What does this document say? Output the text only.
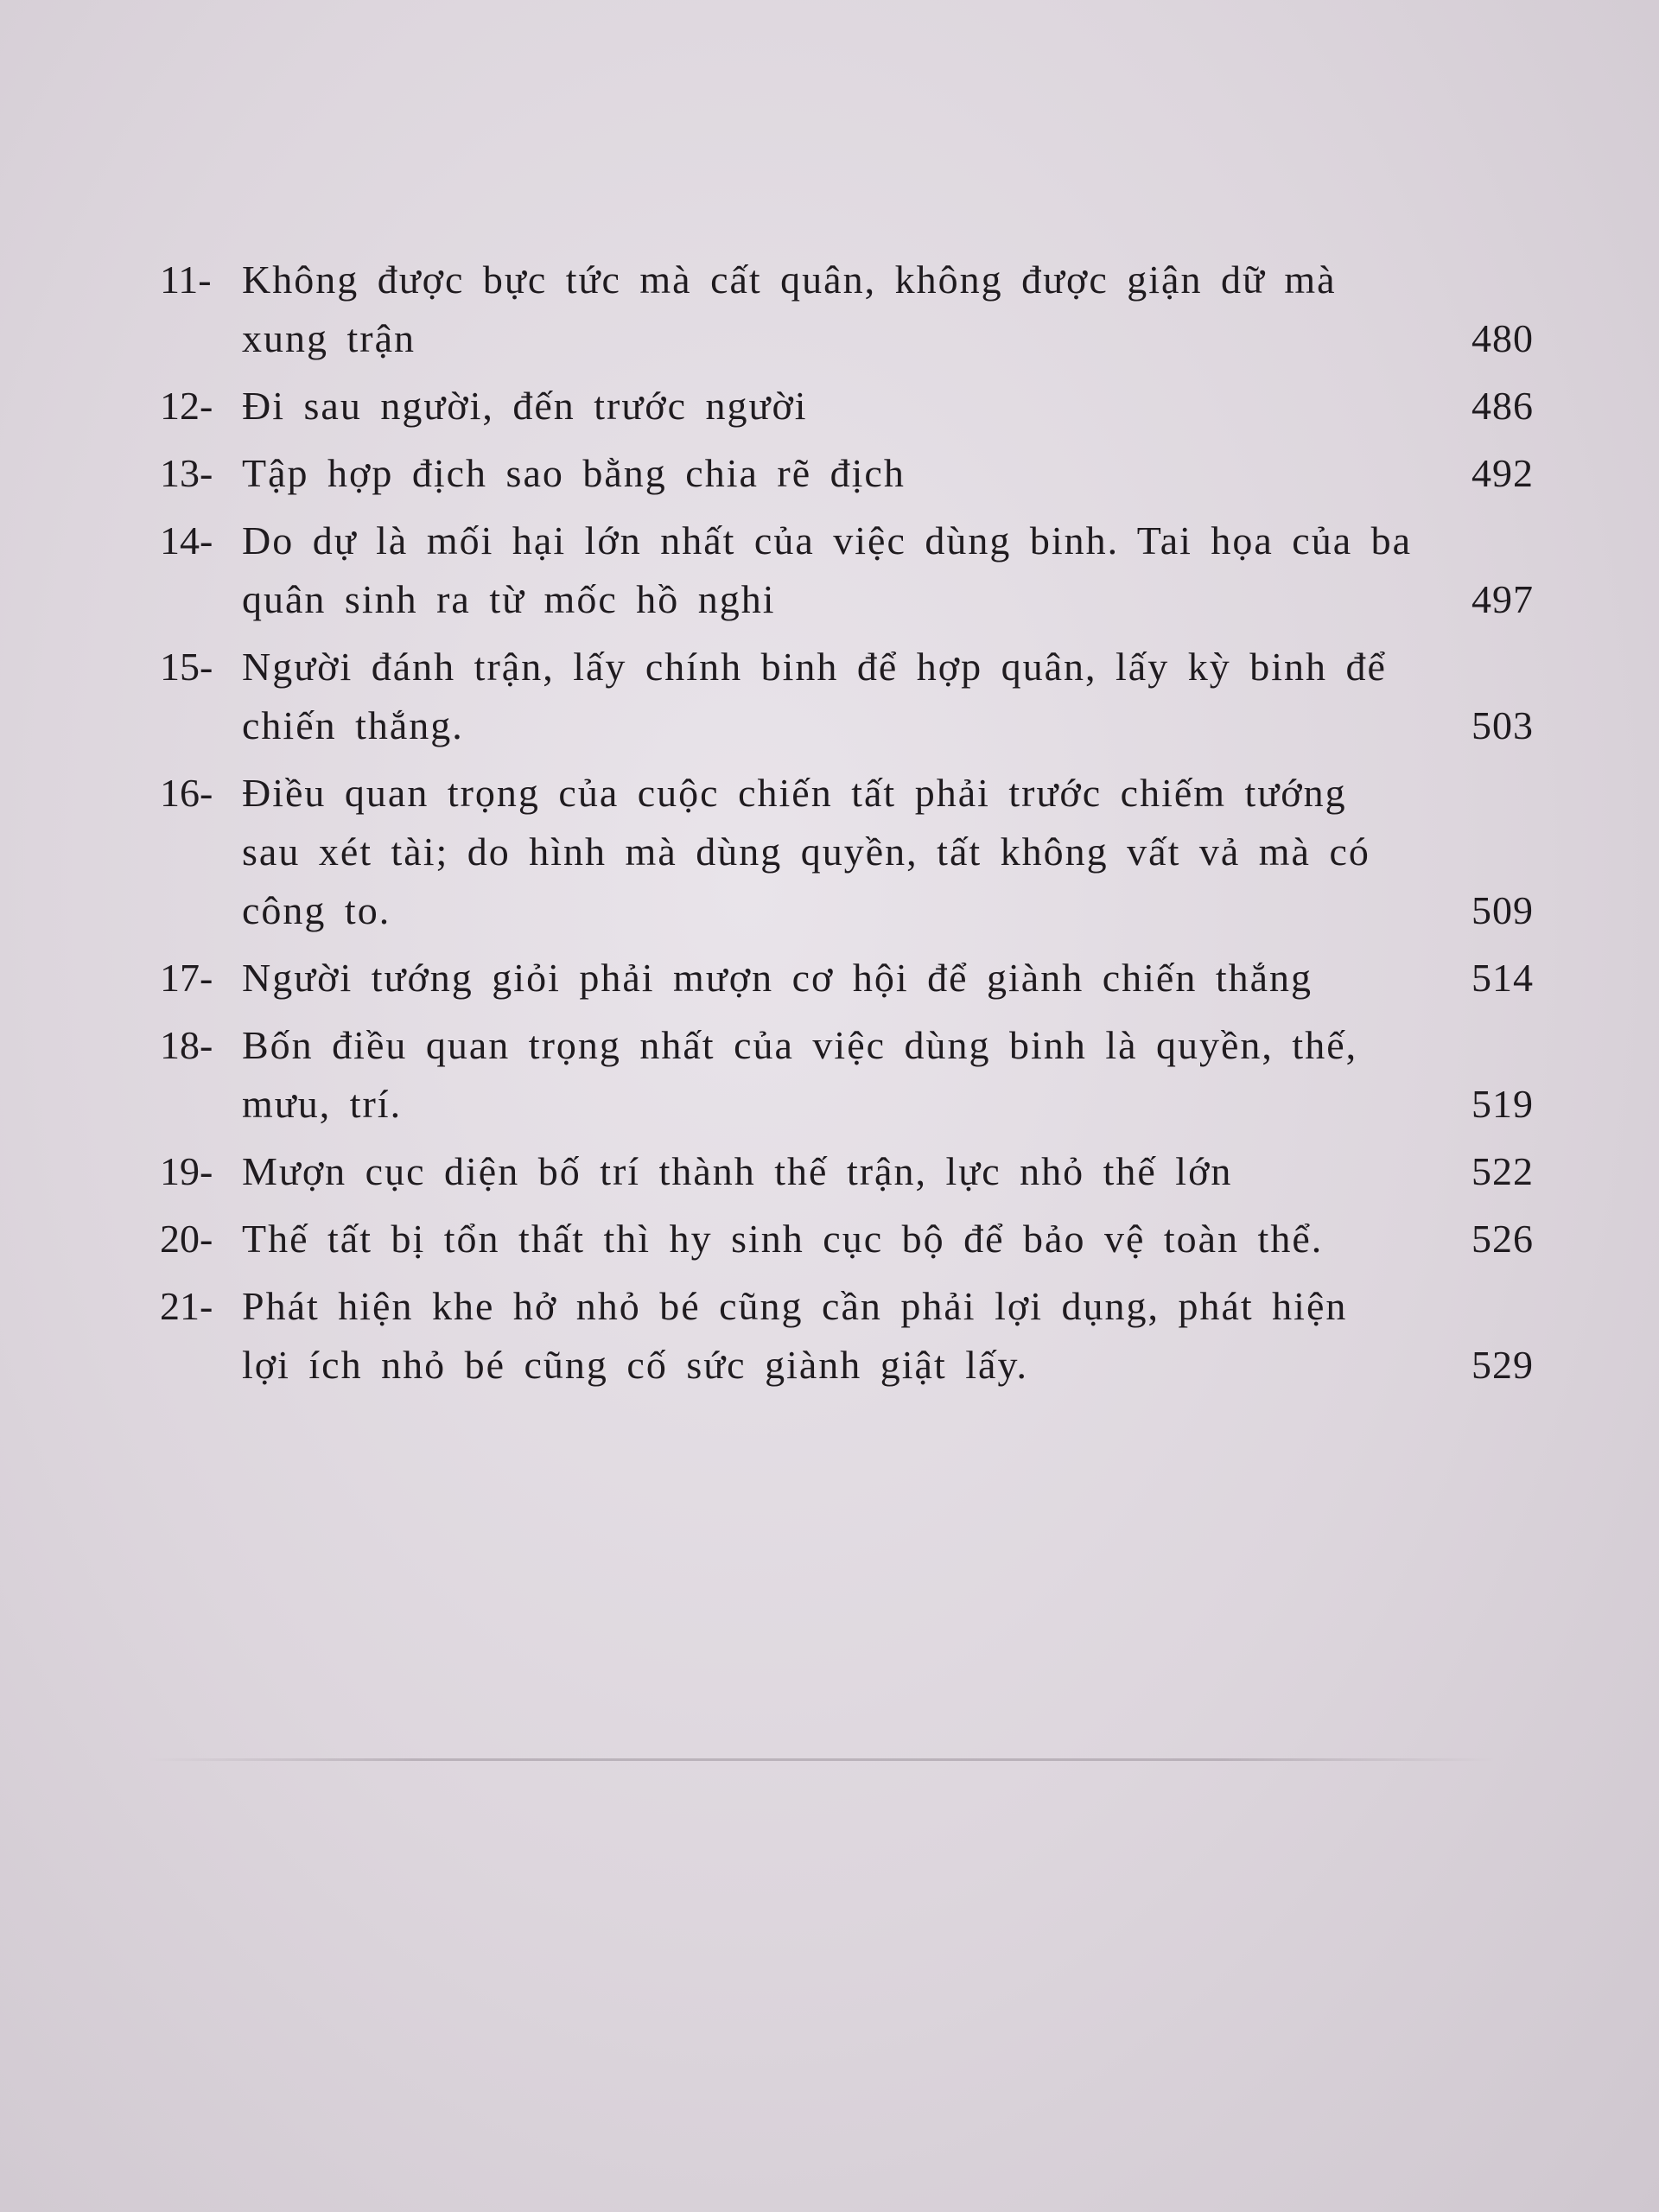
11- Không được bực tức mà cất quân, không được giận dữ mà xung trận	480
12- Đi sau người, đến trước người	486
13- Tập hợp địch sao bằng chia rẽ địch	492
14- Do dự là mối hại lớn nhất của việc dùng binh. Tai họa của ba quân sinh ra từ mốc hồ nghi	497
15- Người đánh trận, lấy chính binh để hợp quân, lấy kỳ binh để chiến thắng.	503
16- Điều quan trọng của cuộc chiến tất phải trước chiếm tướng sau xét tài; do hình mà dùng quyền, tất không vất vả mà có công to.	509
17- Người tướng giỏi phải mượn cơ hội để giành chiến thắng	514
18- Bốn điều quan trọng nhất của việc dùng binh là quyền, thế, mưu, trí.	519
19- Mượn cục diện bố trí thành thế trận, lực nhỏ thế lớn	522
20- Thế tất bị tổn thất thì hy sinh cục bộ để bảo vệ toàn thể.	526
21- Phát hiện khe hở nhỏ bé cũng cần phải lợi dụng, phát hiện lợi ích nhỏ bé cũng cố sức giành giật lấy.	529
